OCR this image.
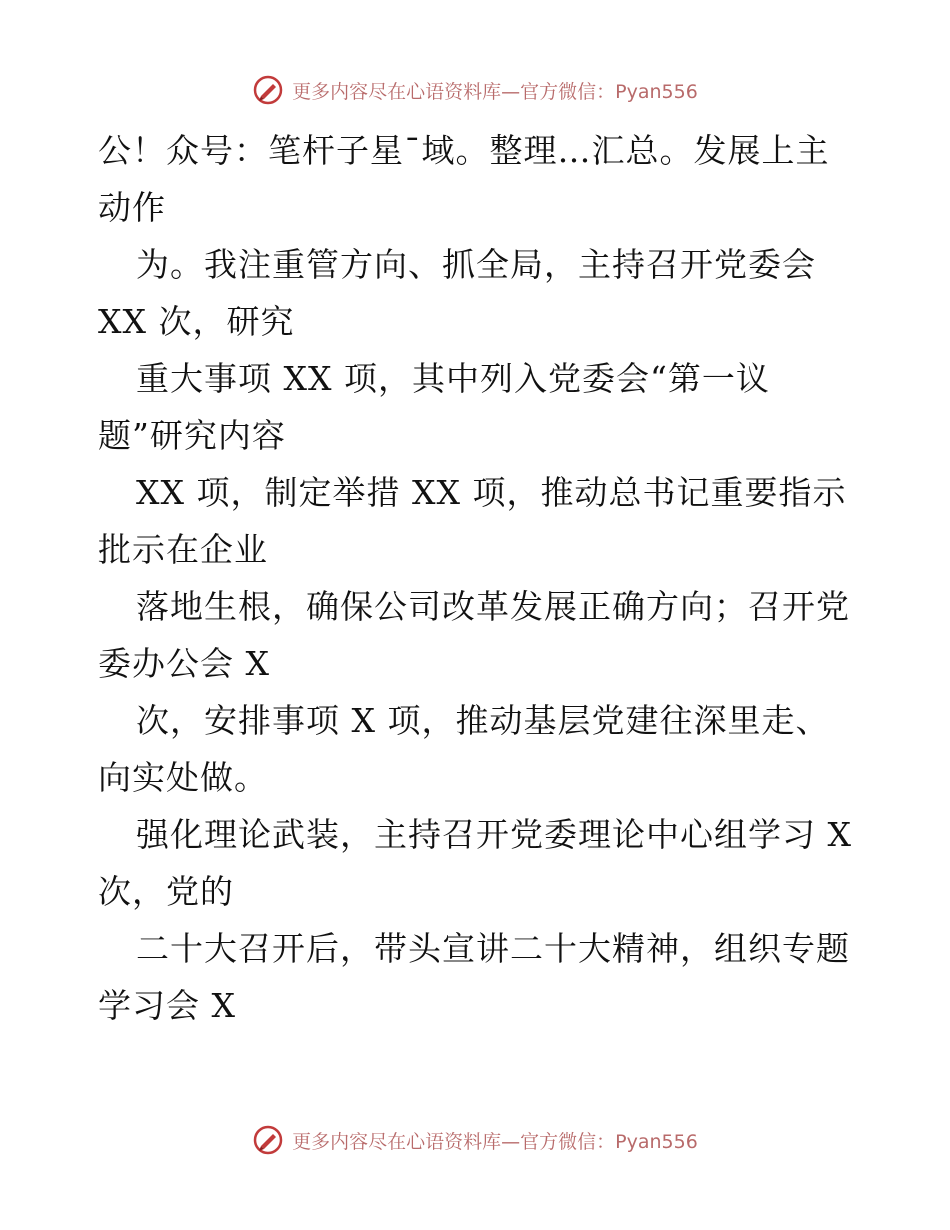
更多内容尽在心语资料库—官方微信：Pyan556
公！众号：笔杆子星¯域。整理…汇总。发展上主
动作
为。我注重管方向、抓全局，主持召开党委会
XX 次，研究
重大事项 XX 项，其中列入党委会“第一议
题”研究内容
XX 项，制定举措 XX 项，推动总书记重要指示
批示在企业
落地生根，确保公司改革发展正确方向；召开党
委办公会 X
次，安排事项 X 项，推动基层党建往深里走、
向实处做。
强化理论武装，主持召开党委理论中心组学习 X
次，党的
二十大召开后，带头宣讲二十大精神，组织专题
学习会 X
更多内容尽在心语资料库—官方微信：Pyan556
